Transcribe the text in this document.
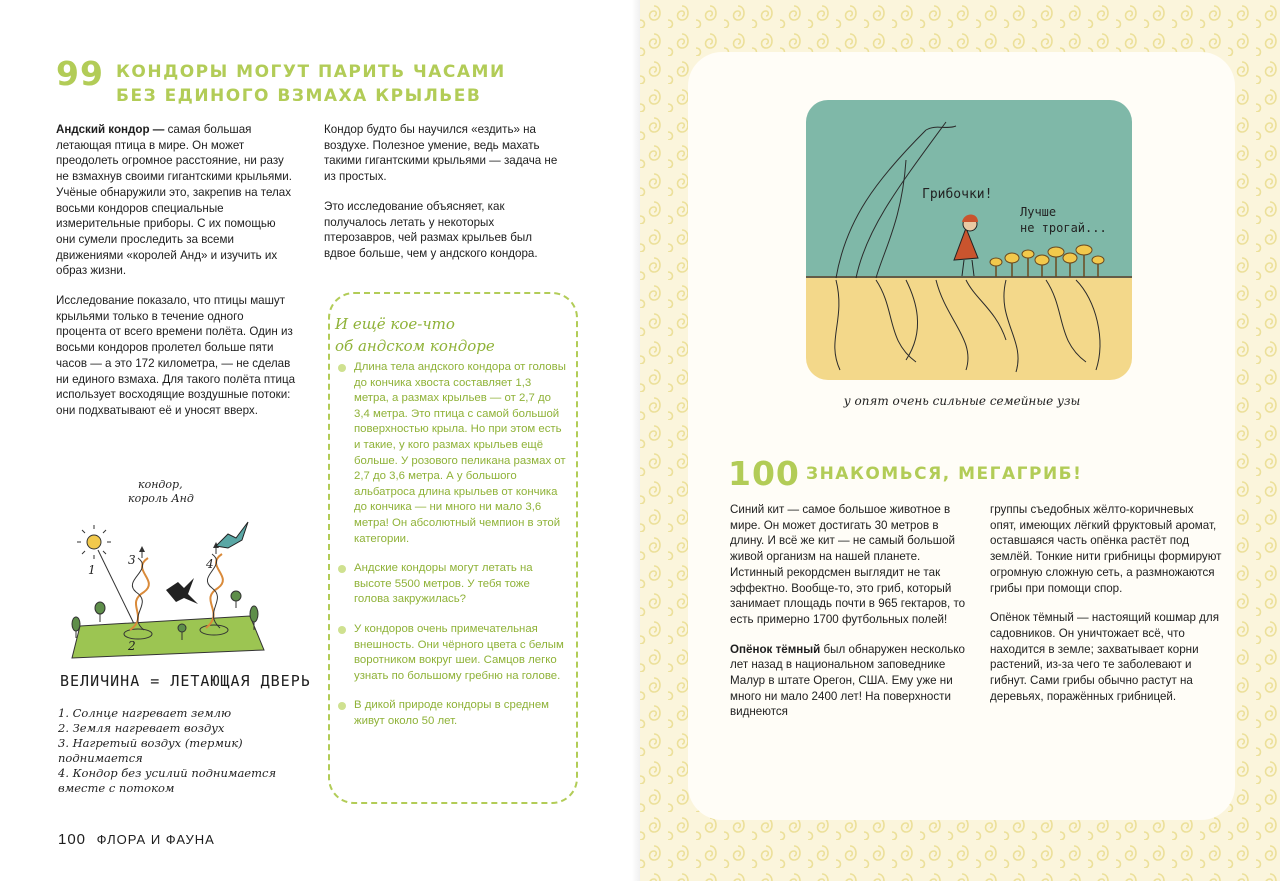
99 КОНДОРЫ МОГУТ ПАРИТЬ ЧАСАМИ
БЕЗ ЕДИНОГО ВЗМАХА КРЫЛЬЕВ

Андский кондор — самая большая летающая птица в мире. Он может преодолеть огромное расстояние, ни разу не взмахнув своими гигантскими крыльями. Учёные обнаружили это, закрепив на телах восьми кондоров специальные измерительные приборы. С их помощью они сумели проследить за всеми движениями «королей Анд» и изучить их образ жизни.

Исследование показало, что птицы машут крыльями только в течение одного процента от всего времени полёта. Один из восьми кондоров пролетел больше пяти часов — а это 172 километра, — не сделав ни единого взмаха. Для такого полёта птица использует восходящие воздушные потоки: они подхватывают её и уносят вверх.

Кондор будто бы научился «ездить» на воздухе. Полезное умение, ведь махать такими гигантскими крыльями — задача не из простых.

Это исследование объясняет, как получалось летать у некоторых птерозавров, чей размах крыльев был вдвое больше, чем у андского кондора.

И ещё кое-что
об андском кондоре
Длина тела андского кондора от головы до кончика хвоста составляет 1,3 метра, а размах крыльев — от 2,7 до 3,4 метра. Это птица с самой большой поверхностью крыла. Но при этом есть и такие, у кого размах крыльев ещё больше. У розового пеликана размах от 2,7 до 3,6 метра. А у большого альбатроса длина крыльев от кончика до кончика — ни много ни мало 3,6 метра! Он абсолютный чемпион в этой категории.
Андские кондоры могут летать на высоте 5500 метров. У тебя тоже голова закружилась?
У кондоров очень примечательная внешность. Они чёрного цвета с белым воротником вокруг шеи. Самцов легко узнать по большому гребню на голове.
В дикой природе кондоры в среднем живут около 50 лет.
кондор,
король Анд
1
3	4
2
ВЕЛИЧИНА = ЛЕТАЮЩАЯ ДВЕРЬ
1. Солнце нагревает землю
2. Земля нагревает воздух
3. Нагретый воздух (термик) поднимается
4. Кондор без усилий поднимается вместе с потоком
100 ФЛОРА И ФАУНА
Грибочки!
Лучше
не трогай...
у опят очень сильные семейные узы
100 ЗНАКОМЬСЯ, МЕГАГРИБ!

Синий кит — самое большое животное в мире. Он может достигать 30 метров в длину. И всё же кит — не самый большой живой организм на нашей планете. Истинный рекордсмен выглядит не так эффектно. Вообще-то, это гриб, который занимает площадь почти в 965 гектаров, то есть примерно 1700 футбольных полей!

Опёнок тёмный был обнаружен несколько лет назад в национальном заповеднике Малур в штате Орегон, США. Ему уже ни много ни мало 2400 лет! На поверхности виднеются

группы съедобных жёлто-коричневых опят, имеющих лёгкий фруктовый аромат, оставшаяся часть опёнка растёт под землёй. Тонкие нити грибницы формируют огромную сложную сеть, а размножаются грибы при помощи спор.

Опёнок тёмный — настоящий кошмар для садовников. Он уничтожает всё, что находится в земле; захватывает корни растений, из-за чего те заболевают и гибнут. Сами грибы обычно растут на деревьях, поражённых грибницей.
